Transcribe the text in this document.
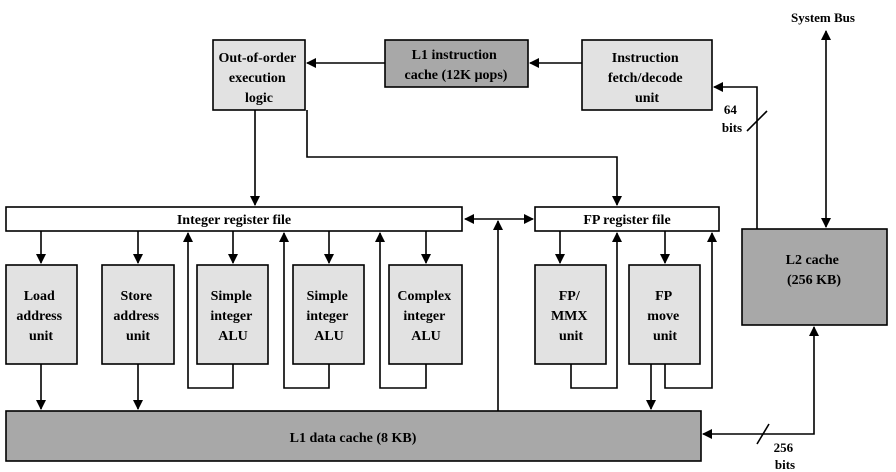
Out-of-order execution logic
L1 instruction cache (12K µops)
Instruction fetch/decode unit
Integer register file	FP register file
Load address unit
Store address unit
Simple integer ALU
Simple integer ALU
Complex integer ALU
FP/ MMX unit
FP move unit
L2 cache (256 KB)
L1 data cache (8 KB)
System Bus
64 bits
256 bits
